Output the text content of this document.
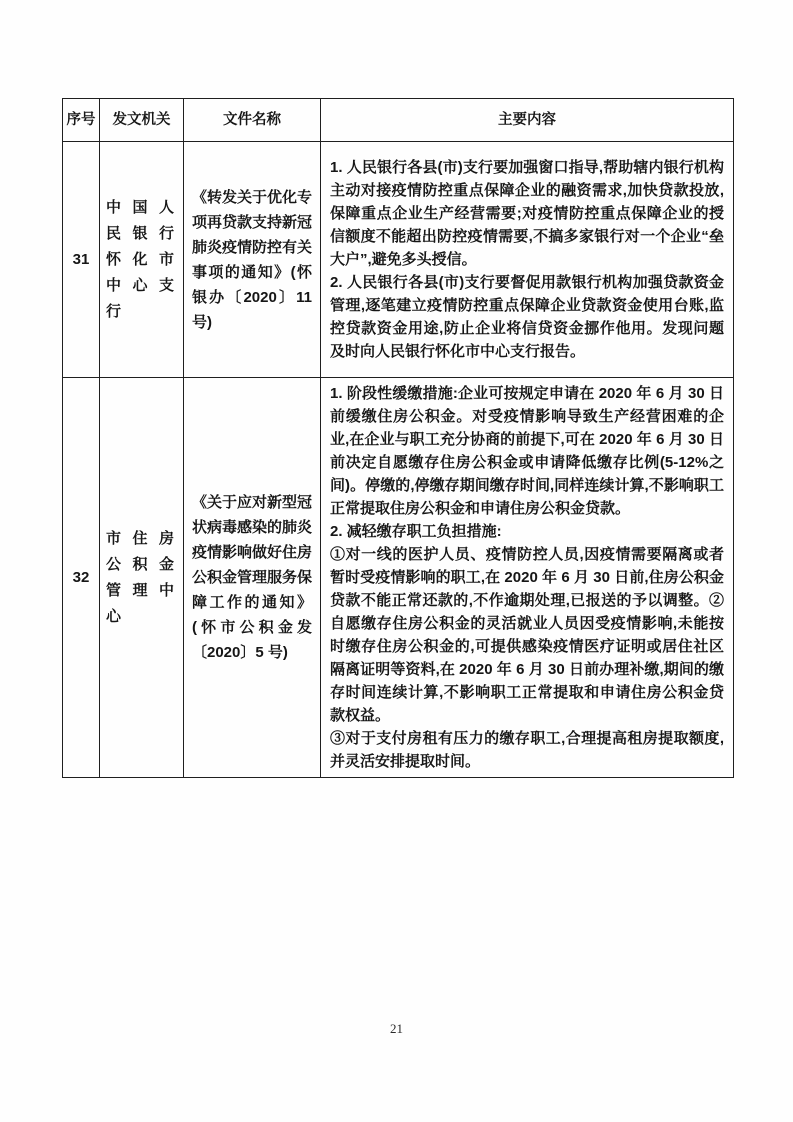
序号	发文机关	文件名称	主要内容
31	中国人民银行怀化市中心支行	《转发关于优化专项再贷款支持新冠肺炎疫情防控有关事项的通知》(怀银办〔2020〕11 号)	1. 人民银行各县(市)支行要加强窗口指导,帮助辖内银行机构主动对接疫情防控重点保障企业的融资需求,加快贷款投放,保障重点企业生产经营需要;对疫情防控重点保障企业的授信额度不能超出防控疫情需要,不搞多家银行对一个企业“垒大户”,避免多头授信。

2. 人民银行各县(市)支行要督促用款银行机构加强贷款资金管理,逐笔建立疫情防控重点保障企业贷款资金使用台账,监控贷款资金用途,防止企业将信贷资金挪作他用。发现问题及时向人民银行怀化市中心支行报告。

32	市住房公积金管理中心	《关于应对新型冠状病毒感染的肺炎疫情影响做好住房公积金管理服务保障工作的通知》(怀市公积金发〔2020〕5 号)	1. 阶段性缓缴措施:企业可按规定申请在 2020 年 6 月 30 日前缓缴住房公积金。对受疫情影响导致生产经营困难的企业,在企业与职工充分协商的前提下,可在 2020 年 6 月 30 日前决定自愿缴存住房公积金或申请降低缴存比例(5-12%之间)。停缴的,停缴存期间缴存时间,同样连续计算,不影响职工正常提取住房公积金和申请住房公积金贷款。

2. 减轻缴存职工负担措施:

①对一线的医护人员、疫情防控人员,因疫情需要隔离或者暂时受疫情影响的职工,在 2020 年 6 月 30 日前,住房公积金贷款不能正常还款的,不作逾期处理,已报送的予以调整。②自愿缴存住房公积金的灵活就业人员因受疫情影响,未能按时缴存住房公积金的,可提供感染疫情医疗证明或居住社区隔离证明等资料,在 2020 年 6 月 30 日前办理补缴,期间的缴存时间连续计算,不影响职工正常提取和申请住房公积金贷款权益。

③对于支付房租有压力的缴存职工,合理提高租房提取额度,并灵活安排提取时间。

21
